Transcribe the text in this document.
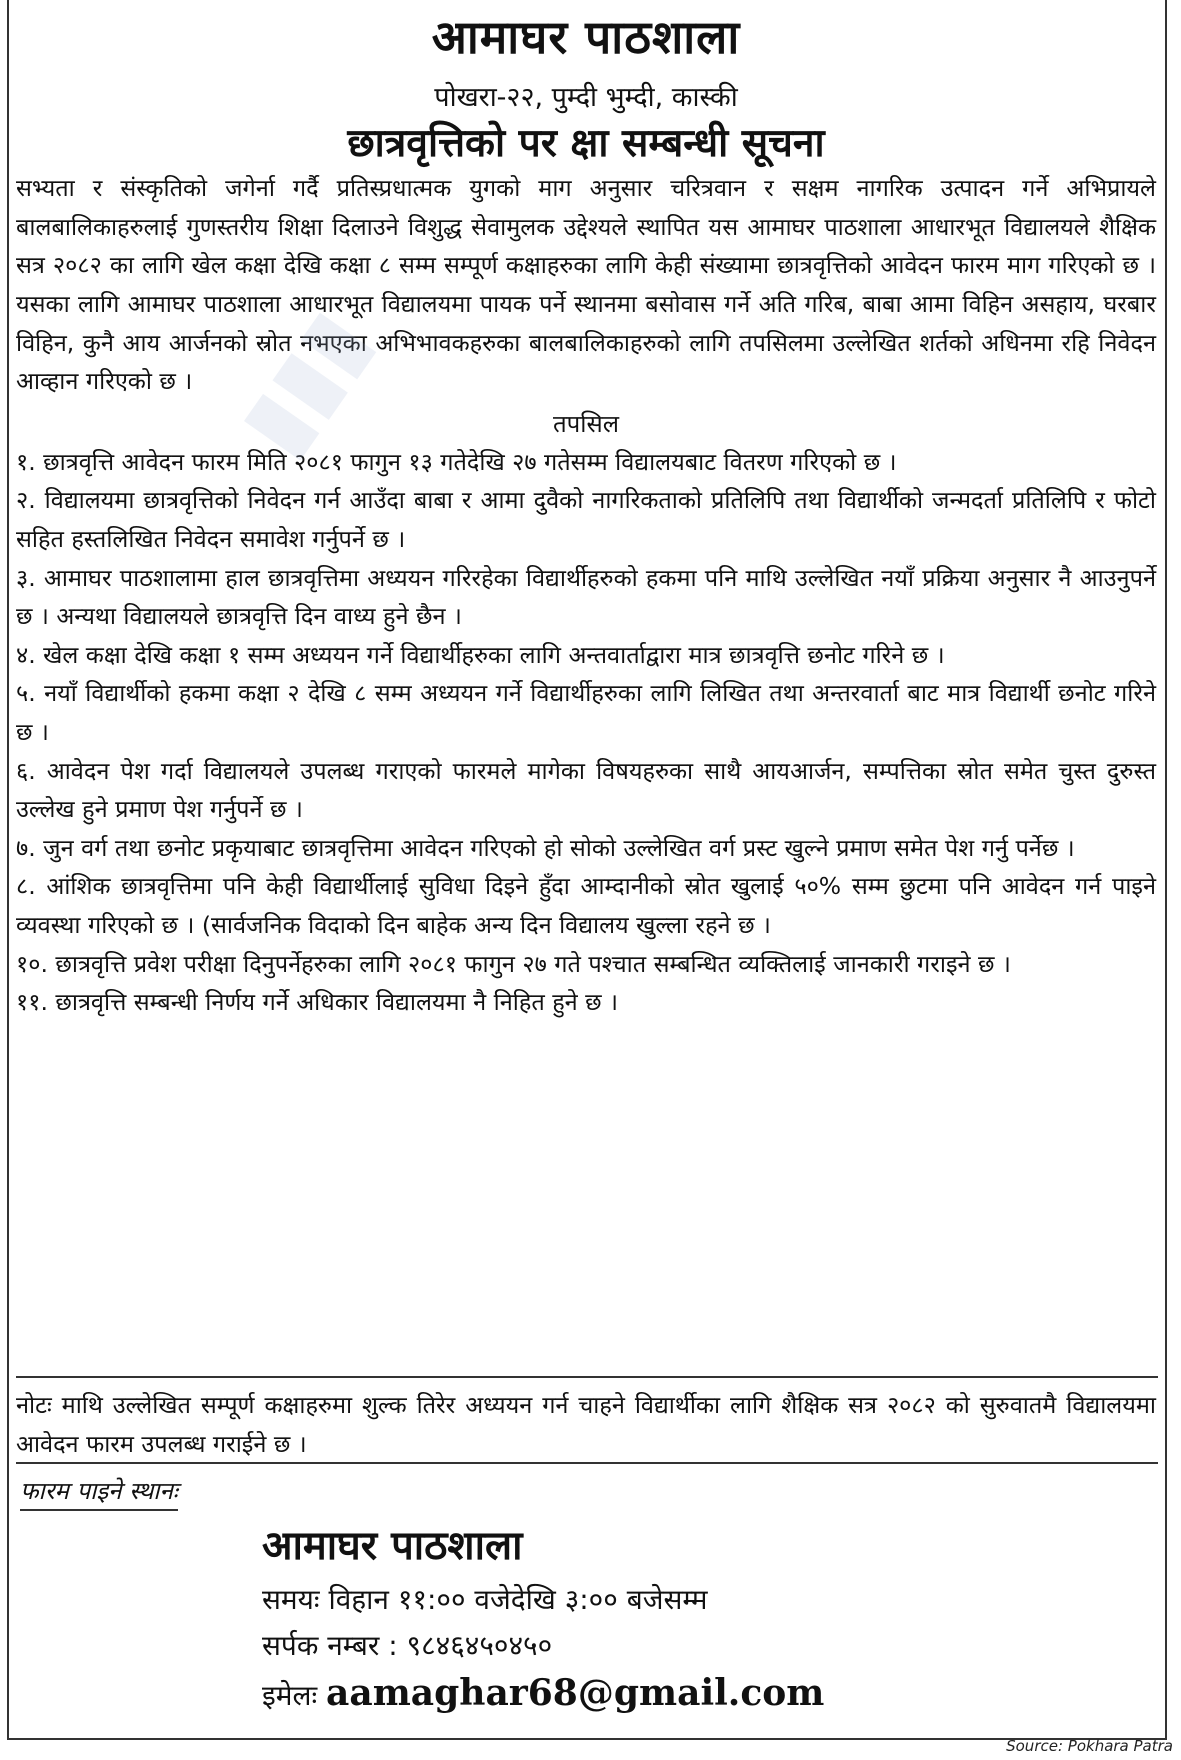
आमाघर पाठशाला
पोखरा-२२, पुम्दी भुम्दी, कास्की
छात्रवृत्तिको पर क्षा सम्बन्धी सूचना

सभ्यता र संस्कृतिको जगेर्ना गर्दै प्रतिस्प्रधात्मक युगको माग अनुसार चरित्रवान र सक्षम नागरिक उत्पादन गर्ने अभिप्रायले बालबालिकाहरुलाई गुणस्तरीय शिक्षा दिलाउने विशुद्ध सेवामुलक उद्देश्यले स्थापित यस आमाघर पाठशाला आधारभूत विद्यालयले शैक्षिक सत्र २०८२ का लागि खेल कक्षा देखि कक्षा ८ सम्म सम्पूर्ण कक्षाहरुका लागि केही संख्यामा छात्रवृत्तिको आवेदन फारम माग गरिएको छ । यसका लागि आमाघर पाठशाला आधारभूत विद्यालयमा पायक पर्ने स्थानमा बसोवास गर्ने अति गरिब, बाबा आमा विहिन असहाय, घरबार विहिन, कुनै आय आर्जनको स्रोत नभएका अभिभावकहरुका बालबालिकाहरुको लागि तपसिलमा उल्लेखित शर्तको अधिनमा रहि निवेदन आव्हान गरिएको छ ।

तपसिल

१. छात्रवृत्ति आवेदन फारम मिति २०८१ फागुन १३ गतेदेखि २७ गतेसम्म विद्यालयबाट वितरण गरिएको छ ।

२. विद्यालयमा छात्रवृत्तिको निवेदन गर्न आउँदा बाबा र आमा दुवैको नागरिकताको प्रतिलिपि तथा विद्यार्थीको जन्मदर्ता प्रतिलिपि र फोटो सहित हस्तलिखित निवेदन समावेश गर्नुपर्ने छ ।

३. आमाघर पाठशालामा हाल छात्रवृत्तिमा अध्ययन गरिरहेका विद्यार्थीहरुको हकमा पनि माथि उल्लेखित नयाँ प्रक्रिया अनुसार नै आउनुपर्ने छ । अन्यथा विद्यालयले छात्रवृत्ति दिन वाध्य हुने छैन ।

४. खेल कक्षा देखि कक्षा १ सम्म अध्ययन गर्ने विद्यार्थीहरुका लागि अन्तवार्ताद्वारा मात्र छात्रवृत्ति छनोट गरिने छ ।

५. नयाँ विद्यार्थीको हकमा कक्षा २ देखि ८ सम्म अध्ययन गर्ने विद्यार्थीहरुका लागि लिखित तथा अन्तरवार्ता बाट मात्र विद्यार्थी छनोट गरिने छ ।

६. आवेदन पेश गर्दा विद्यालयले उपलब्ध गराएको फारमले मागेका विषयहरुका साथै आयआर्जन, सम्पत्तिका स्रोत समेत चुस्त दुरुस्त उल्लेख हुने प्रमाण पेश गर्नुपर्ने छ ।

७. जुन वर्ग तथा छनोट प्रकृयाबाट छात्रवृत्तिमा आवेदन गरिएको हो सोको उल्लेखित वर्ग प्रस्ट खुल्ने प्रमाण समेत पेश गर्नु पर्नेछ ।

८. आंशिक छात्रवृत्तिमा पनि केही विद्यार्थीलाई सुविधा दिइने हुँदा आम्दानीको स्रोत खुलाई ५०% सम्म छुटमा पनि आवेदन गर्न पाइने व्यवस्था गरिएको छ । (सार्वजनिक विदाको दिन बाहेक अन्य दिन विद्यालय खुल्ला रहने छ ।

१०. छात्रवृत्ति प्रवेश परीक्षा दिनुपर्नेहरुका लागि २०८१ फागुन २७ गते पश्चात सम्बन्धित व्यक्तिलाई जानकारी गराइने छ ।

११. छात्रवृत्ति सम्बन्धी निर्णय गर्ने अधिकार विद्यालयमा नै निहित हुने छ ।

नोटः माथि उल्लेखित सम्पूर्ण कक्षाहरुमा शुल्क तिरेर अध्ययन गर्न चाहने विद्यार्थीका लागि शैक्षिक सत्र २०८२ को सुरुवातमै विद्यालयमा आवेदन फारम उपलब्ध गराईने छ ।

फारम पाइने स्थानः
आमाघर पाठशाला
समयः विहान ११:०० वजेदेखि ३:०० बजेसम्म
सर्पक नम्बर : ९८४६४५०४५०
इमेलः aamaghar68@gmail.com
Source: Pokhara Patra
▮▮▮
